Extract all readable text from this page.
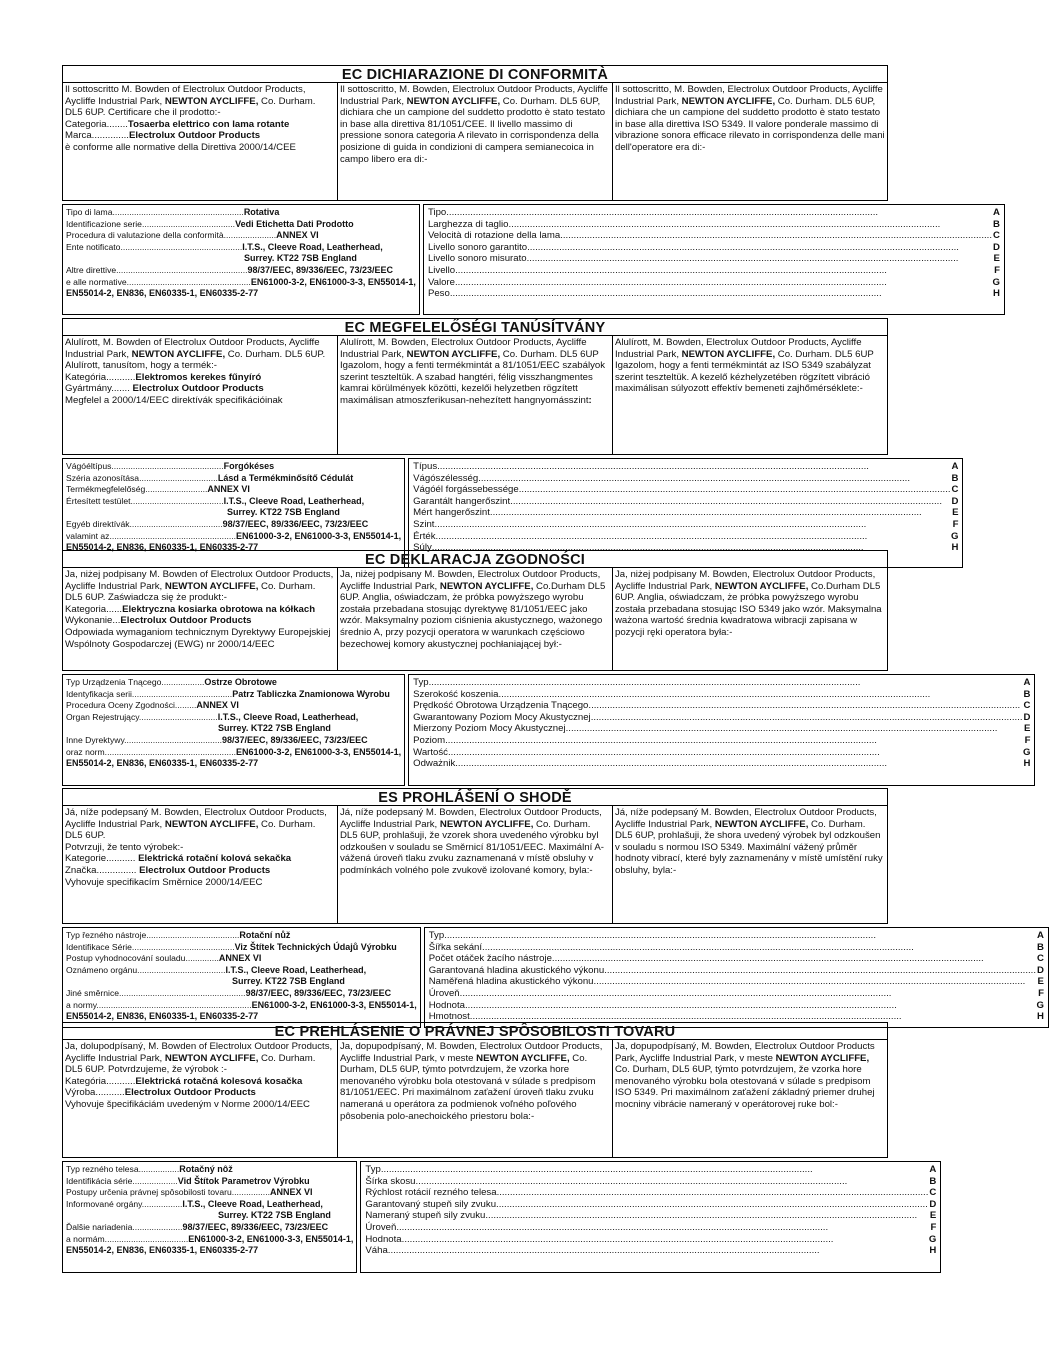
EC DICHIARAZIONE DI CONFORMITÀ
Il sottoscritto M. Bowden of Electrolux Outdoor Products, Aycliffe Industrial Park, NEWTON AYCLIFFE, Co. Durham. DL5 6UP. Certificare che il prodotto:-
Categoria........Tosaerba elettrico con lama rotante
Marca..............Electrolux Outdoor Products
è conforme alle normative della Direttiva 2000/14/CEE
Il sottoscritto, M. Bowden, Electrolux Outdoor Products, Aycliffe Industrial Park, NEWTON AYCLIFFE, Co. Durham. DL5 6UP, dichiara che un campione del suddetto prodotto è stato testato in base alla direttiva 81/1051/CEE. Il livello massimo di pressione sonora categoria A rilevato in corrispondenza della posizione di guida in condizioni di campera semianecoica in campo libero era di:-
Il sottoscritto, M. Bowden, Electrolux Outdoor Products, Aycliffe Industrial Park, NEWTON AYCLIFFE, Co. Durham. DL5 6UP, dichiara che un campione del suddetto prodotto è stato testato in base alla direttiva ISO 5349. Il valore ponderale massimo di vibrazione sonora efficace rilevato in corrispondenza delle mani dell'operatore era di:-
Tipo di lama.......................................................Rotativa
Identificazione serie.......................................Vedi Etichetta Dati Prodotto
Procedura di valutazione della conformità......................ANNEX VI
Ente notificato...................................................I.T.S., Cleeve Road, Leatherhead,
Surrey. KT22 7SB England
Altre direttive.......................................................98/37/EEC, 89/336/EEC, 73/23/EEC
e alle normative....................................................EN61000-3-2, EN61000-3-3, EN55014-1,
EN55014-2, EN836, EN60335-1, EN60335-2-77
Tipo .....	A
Larghezza di taglio .....	B
Velocità di rotazione della lama .....	C
Livello sonoro garantito .....	D
Livello sonoro misurato .....	E
Livello .....	F
Valore .....	G
Peso .....	H
EC MEGFELELŐSÉGI TANÚSÍTVÁNY
Alulírott, M. Bowden of Electrolux Outdoor Products, Aycliffe Industrial Park, NEWTON AYCLIFFE, Co. Durham. DL5 6UP. Alulírott, tanusítom, hogy a termék:-
Kategória...........Elektromos kerekes fűnyíró
Gyártmány....... Electrolux Outdoor Products
Megfelel a 2000/14/EEC direktívák specifikációinak
Alulírott, M. Bowden, Electrolux Outdoor Products, Aycliffe Industrial Park, NEWTON AYCLIFFE, Co. Durham. DL5 6UP Igazolom, hogy a fenti termékmintát a 81/1051/EEC szabályok szerint teszteltük. A szabad hangtéri, félig visszhangmentes kamrai körülmények közötti, kezelői helyzetben rögzített maximálisan atmoszferikusan-nehezített hangnyomásszint:
Alulírott, M. Bowden, Electrolux Outdoor Products, Aycliffe Industrial Park, NEWTON AYCLIFFE, Co. Durham. DL5 6UP Igazolom, hogy a fenti termékmintát az ISO 5349 szabályzat szerint teszteltük. A kezelő kézhelyzetében rögzített vibráció maximálisan súlyozott effektív bemeneti zajhőmérséklete:-
Vágóéltípus...............................................Forgókéses
Széria azonosítása.................................Lásd a Termékminősítő Cédulát
Termékmegfelelőség..........................ANNEX VI
Értesített testület.......................................I.T.S., Cleeve Road, Leatherhead,
Surrey. KT22 7SB England
Egyéb direktívák.......................................98/37/EEC, 89/336/EEC, 73/23/EEC
valamint az.....................................................EN61000-3-2, EN61000-3-3, EN55014-1,
EN55014-2, EN836, EN60335-1, EN60335-2-77
Típus .....	A
Vágószélesség .....	B
Vágóél forgássebessége .....	C
Garantált hangerőszint .....	D
Mért hangerőszint .....	E
Szint .....	F
Érték .....	G
Súly .....	H
EC DEKLARACJA ZGODNOŚCI
Ja, niżej podpisany M. Bowden of Electrolux Outdoor Products, Aycliffe Industrial Park, NEWTON AYCLIFFE, Co. Durham. DL5 6UP. Zaświadcza się że produkt:-
Kategoria......Elektryczna kosiarka obrotowa na kółkach
Wykonanie...Electrolux Outdoor Products
Odpowiada wymaganiom technicznym Dyrektywy Europejskiej Wspólnoty Gospodarczej (EWG) nr 2000/14/EEC
Ja, niżej podpisany M. Bowden, Electrolux Outdoor Products, Aycliffe Industrial Park, NEWTON AYCLIFFE, Co.Durham DL5 6UP. Anglia, oświadczam, że próbka powyższego wyrobu została przebadana stosując dyrektywę 81/1051/EEC jako wzór. Maksymalny poziom ciśnienia akustycznego, ważonego średnio A, przy pozycji operatora w warunkach częściowo bezechowej komory akustycznej pochłaniającej był:-
Ja, niżej podpisany M. Bowden, Electrolux Outdoor Products, Aycliffe Industrial Park, NEWTON AYCLIFFE, Co.Durham DL5 6UP. Anglia, oświadczam, że próbka powyższego wyrobu została przebadana stosując ISO 5349 jako wzór. Maksymalna ważona wartość średnia kwadratowa wibracji zapisana w pozycji ręki operatora była:-
Typ Urządzenia Tnącego..................Ostrze Obrotowe
Identyfikacja serii..........................................Patrz Tabliczka Znamionowa Wyrobu
Procedura Oceny Zgodności.........ANNEX VI
Organ Rejestrujący.................................I.T.S., Cleeve Road, Leatherhead,
Surrey. KT22 7SB England
Inne Dyrektywy.........................................98/37/EEC, 89/336/EEC, 73/23/EEC
oraz norm.......................................................EN61000-3-2, EN61000-3-3, EN55014-1,
EN55014-2, EN836, EN60335-1, EN60335-2-77
Typ .....	A
Szerokość koszenia .....	B
Prędkość Obrotowa Urządzenia Tnącego .....	C
Gwarantowany Poziom Mocy Akustycznej .....	D
Mierzony Poziom Mocy Akustycznej .....	E
Poziom .....	F
Wartość .....	G
Odważnik .....	H
ES PROHLÁŠENÍ O SHODĚ
Já, níže podepsaný M. Bowden, Electrolux Outdoor Products, Aycliffe Industrial Park, NEWTON AYCLIFFE, Co. Durham. DL5 6UP.
Potvrzuji, že tento výrobek:-
Kategorie........... Elektrická rotační kolová sekačka
Značka............... Electrolux Outdoor Products
Vyhovuje specifikacím Směrnice 2000/14/EEC
Já, níže podepsaný M. Bowden, Electrolux Outdoor Products, Aycliffe Industrial Park, NEWTON AYCLIFFE, Co. Durham. DL5 6UP, prohlašuji, že vzorek shora uvedeného výrobku byl odzkoušen v souladu se Směrnicí 81/1051/EEC. Maximální A-vážená úroveň tlaku zvuku zaznamenaná v místě obsluhy v podmínkách volného pole zvukově izolované komory, byla:-
Já, níže podepsaný M. Bowden, Electrolux Outdoor Products, Aycliffe Industrial Park, NEWTON AYCLIFFE, Co. Durham. DL5 6UP, prohlašuji, že shora uvedený výrobek byl odzkoušen v souladu s normou ISO 5349. Maximální vážený průměr hodnoty vibrací, které byly zaznamenány v místě umístění ruky obsluhy, byla:-
Typ řezného nástroje.......................................Rotační nůž
Identifikace Série...........................................Viz Štítek Technických Údajů Výrobku
Postup vyhodnocování souladu..............ANNEX VI
Oznámeno orgánu.....................................I.T.S., Cleeve Road, Leatherhead,
Surrey. KT22 7SB England
Jiné směrnice.....................................................98/37/EEC, 89/336/EEC, 73/23/EEC
a normy.................................................................EN61000-3-2, EN61000-3-3, EN55014-1,
EN55014-2, EN836, EN60335-1, EN60335-2-77
Typ .....	A
Šířka sekání .....	B
Počet otáček žacího nástroje .....	C
Garantovaná hladina akustického výkonu .....	D
Naměřená hladina akustického výkonu .....	E
Úroveň .....	F
Hodnota .....	G
Hmotnost .....	H
EC PREHLÁSENIE O PRÁVNEJ SPÔSOBILOSTI TOVARU
Ja, dolupodpísaný, M. Bowden of Electrolux Outdoor Products, Aycliffe Industrial Park, NEWTON AYCLIFFE, Co. Durham. DL5 6UP. Potvrdzujeme, že výrobok :-
Kategória...........Elektrická rotačná kolesová kosačka
Výroba...........Electrolux Outdoor Products
Vyhovuje špecifikáciám uvedeným v Norme 2000/14/EEC
Ja, dopupodpísaný, M. Bowden, Electrolux Outdoor Products, Aycliffe Industrial Park, v meste NEWTON AYCLIFFE, Co. Durham, DL5 6UP, týmto potvrdzujem, že vzorka hore menovaného výrobku bola otestovaná v súlade s predpisom 81/1051/EEC. Pri maximálnom zaťažení úroveň tlaku zvuku nameraná u operátora za podmienok voľného poľového pôsobenia polo-anechoického priestoru bola:-
Ja, dopupodpísaný, M. Bowden, Electrolux Outdoor Products Park, Aycliffe Industrial Park, v meste NEWTON AYCLIFFE, Co. Durham, DL5 6UP, týmto potvrdzujem, že vzorka hore menovaného výrobku bola otestovaná v súlade s predpisom ISO 5349. Pri maximálnom zaťažení základný priemer druhej mocniny vibrácie nameraný v operátorovej ruke bol:-
Typ rezného telesa.................Rotačný nôž
Identifikácia série...................Vid Štítok Parametrov Výrobku
Postupy určenia právnej spôsobilosti tovaru................ANNEX VI
Informované orgány.................I.T.S., Cleeve Road, Leatherhead,
Surrey. KT22 7SB England
Ďalšie nariadenia.....................98/37/EEC, 89/336/EEC, 73/23/EEC
a normám...................................EN61000-3-2, EN61000-3-3, EN55014-1,
EN55014-2, EN836, EN60335-1, EN60335-2-77
Typ .....	A
Šírka skosu .....	B
Rýchlost rotácií rezného telesa .....	C
Garantovaný stupeň sily zvuku .....	D
Nameraný stupeň sily zvuku .....	E
Úroveň .....	F
Hodnota .....	G
Váha .....	H
